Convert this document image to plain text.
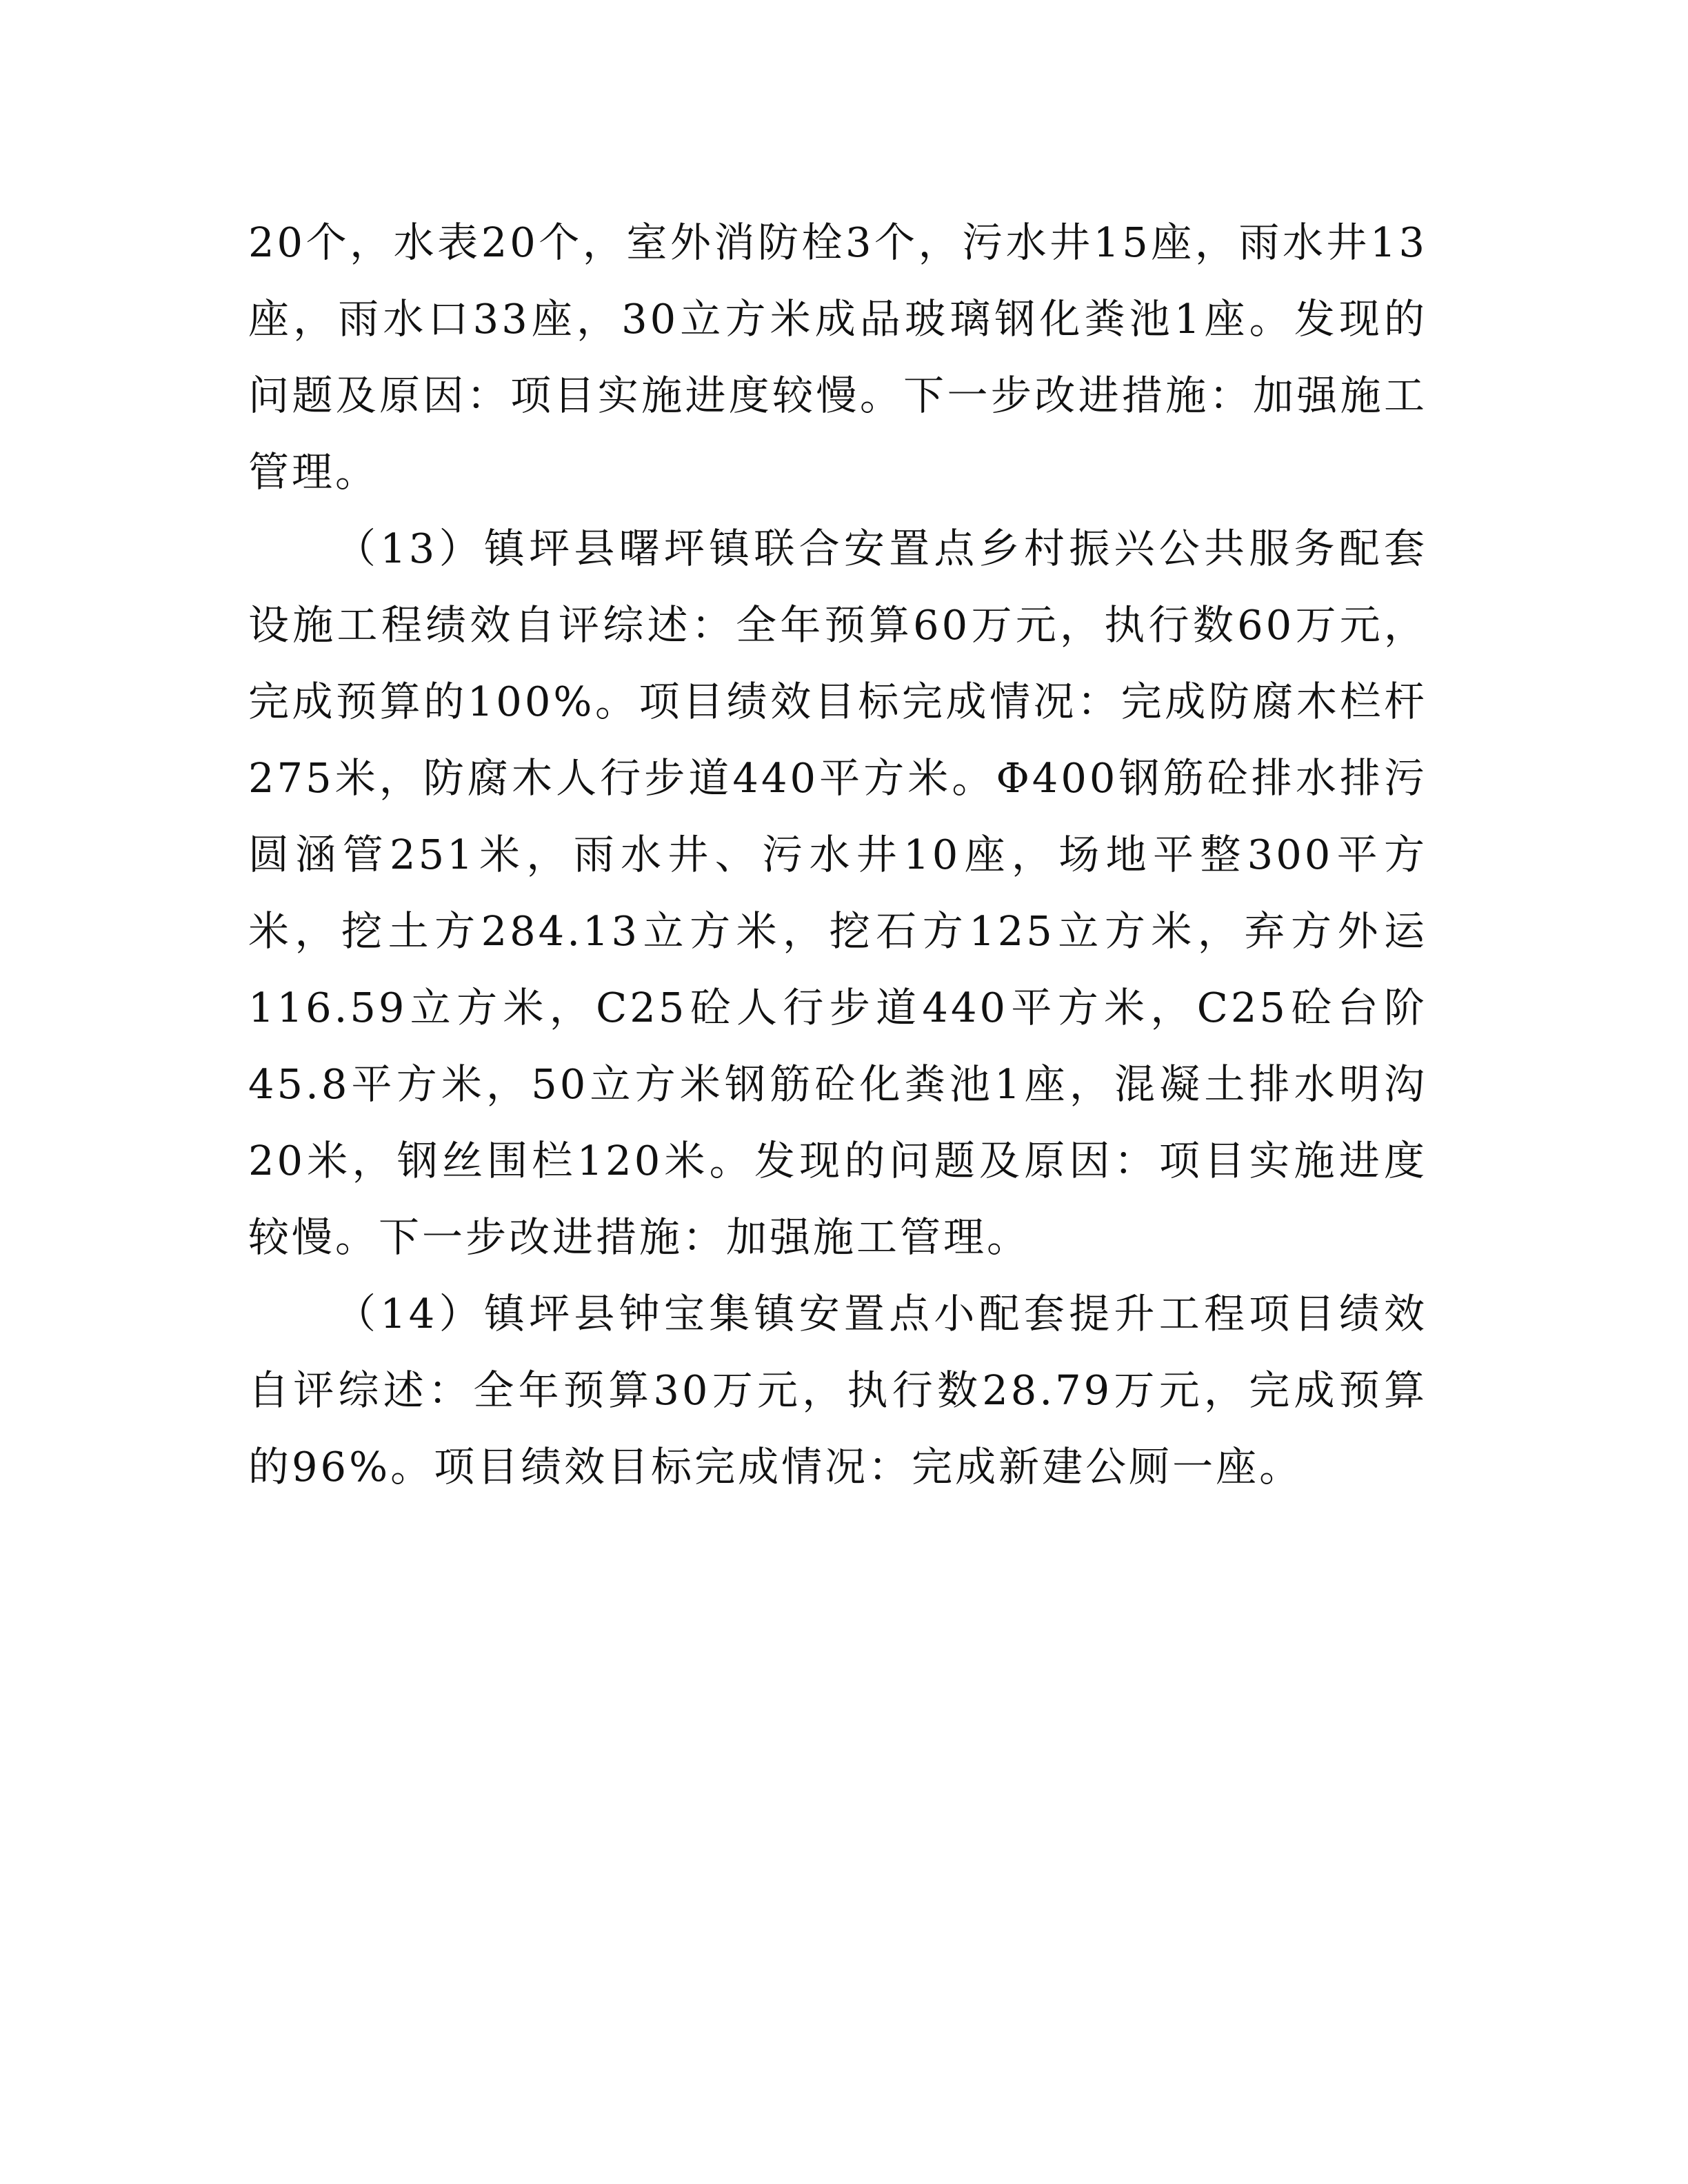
20个，水表20个，室外消防栓3个，污水井15座，雨水井13座，雨水口33座，30立方米成品玻璃钢化粪池1座。发现的问题及原因：项目实施进度较慢。下一步改进措施：加强施工管理。

（13）镇坪县曙坪镇联合安置点乡村振兴公共服务配套设施工程绩效自评综述：全年预算60万元，执行数60万元，完成预算的100%。项目绩效目标完成情况：完成防腐木栏杆275米，防腐木人行步道440平方米。Φ400钢筋砼排水排污圆涵管251米，雨水井、污水井10座，场地平整300平方米，挖土方284.13立方米，挖石方125立方米，弃方外运116.59立方米，C25砼人行步道440平方米，C25砼台阶45.8平方米，50立方米钢筋砼化粪池1座，混凝土排水明沟20米，钢丝围栏120米。发现的问题及原因：项目实施进度较慢。下一步改进措施：加强施工管理。

（14）镇坪县钟宝集镇安置点小配套提升工程项目绩效自评综述：全年预算30万元，执行数28.79万元，完成预算的96%。项目绩效目标完成情况：完成新建公厕一座。
